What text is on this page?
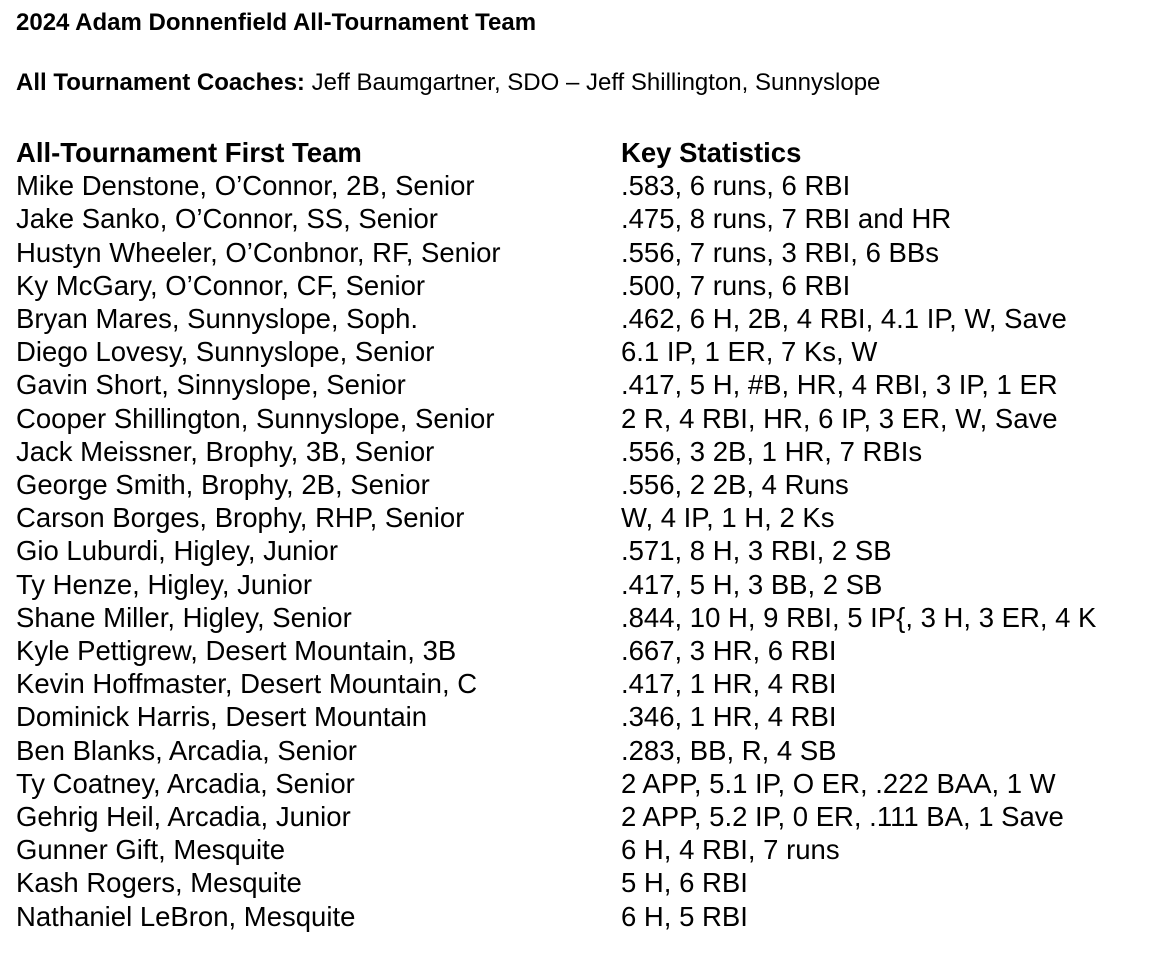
2024 Adam Donnenfield All-Tournament Team
All Tournament Coaches: Jeff Baumgartner, SDO – Jeff Shillington, Sunnyslope
All-Tournament First Team	Key Statistics
Mike Denstone, O’Connor, 2B, Senior	.583, 6 runs, 6 RBI
Jake Sanko, O’Connor, SS, Senior	.475, 8 runs, 7 RBI and HR
Hustyn Wheeler, O’Conbnor, RF, Senior	.556, 7 runs, 3 RBI, 6 BBs
Ky McGary, O’Connor, CF, Senior	.500, 7 runs, 6 RBI
Bryan Mares, Sunnyslope, Soph.	.462, 6 H, 2B, 4 RBI, 4.1 IP, W, Save
Diego Lovesy, Sunnyslope, Senior	6.1 IP, 1 ER, 7 Ks, W
Gavin Short, Sinnyslope, Senior	.417, 5 H, #B, HR, 4 RBI, 3 IP, 1 ER
Cooper Shillington, Sunnyslope, Senior	2 R, 4 RBI, HR, 6 IP, 3 ER, W, Save
Jack Meissner, Brophy, 3B, Senior	.556, 3 2B, 1 HR, 7 RBIs
George Smith, Brophy, 2B, Senior	.556, 2 2B, 4 Runs
Carson Borges, Brophy, RHP, Senior	W, 4 IP, 1 H, 2 Ks
Gio Luburdi, Higley, Junior	.571, 8 H, 3 RBI, 2 SB
Ty Henze, Higley, Junior	.417, 5 H, 3 BB, 2 SB
Shane Miller, Higley, Senior	.844, 10 H, 9 RBI, 5 IP{, 3 H, 3 ER, 4 K
Kyle Pettigrew, Desert Mountain, 3B	.667, 3 HR, 6 RBI
Kevin Hoffmaster, Desert Mountain, C	.417, 1 HR, 4 RBI
Dominick Harris, Desert Mountain	.346, 1 HR, 4 RBI
Ben Blanks, Arcadia, Senior	.283, BB, R, 4 SB
Ty Coatney, Arcadia, Senior	2 APP, 5.1 IP, O ER, .222 BAA, 1 W
Gehrig Heil, Arcadia, Junior	2 APP, 5.2 IP, 0 ER, .111 BA, 1 Save
Gunner Gift, Mesquite	6 H, 4 RBI, 7 runs
Kash Rogers, Mesquite	5 H, 6 RBI
Nathaniel LeBron, Mesquite	6 H, 5 RBI
